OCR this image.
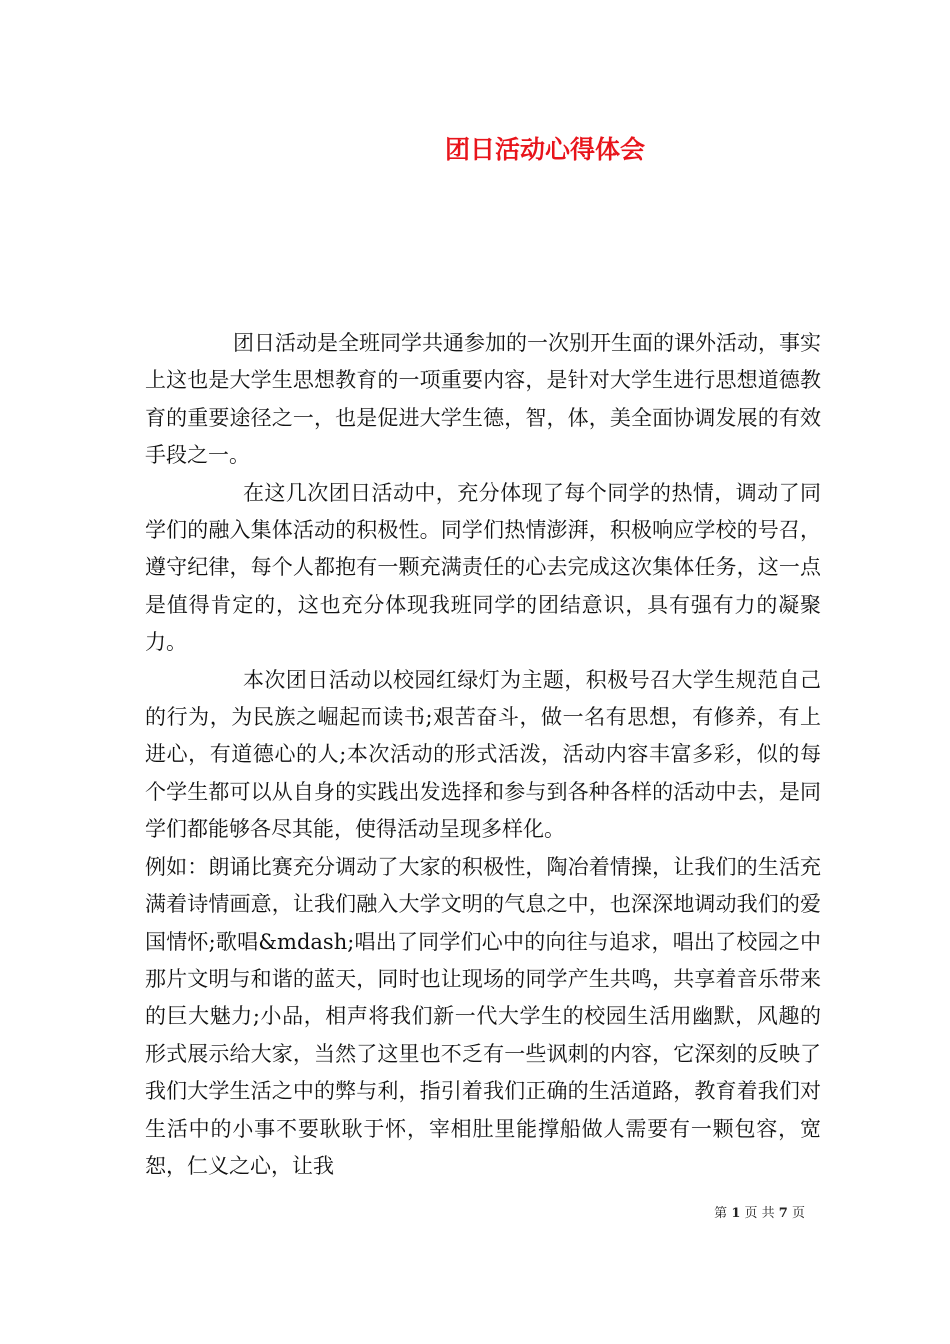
团日活动心得体会

团日活动是全班同学共通参加的一次别开生面的课外活动，事实上这也是大学生思想教育的一项重要内容，是针对大学生进行思想道德教育的重要途径之一，也是促进大学生德，智，体，美全面协调发展的有效手段之一。

在这几次团日活动中，充分体现了每个同学的热情，调动了同学们的融入集体活动的积极性。同学们热情澎湃，积极响应学校的号召，遵守纪律，每个人都抱有一颗充满责任的心去完成这次集体任务，这一点是值得肯定的，这也充分体现我班同学的团结意识，具有强有力的凝聚力。

本次团日活动以校园红绿灯为主题，积极号召大学生规范自己的行为，为民族之崛起而读书;艰苦奋斗，做一名有思想，有修养，有上进心，有道德心的人;本次活动的形式活泼，活动内容丰富多彩，似的每个学生都可以从自身的实践出发选择和参与到各种各样的活动中去，是同学们都能够各尽其能，使得活动呈现多样化。

例如：朗诵比赛充分调动了大家的积极性，陶冶着情操，让我们的生活充满着诗情画意，让我们融入大学文明的气息之中，也深深地调动我们的爱国情怀;歌唱&mdash;唱出了同学们心中的向往与追求，唱出了校园之中那片文明与和谐的蓝天，同时也让现场的同学产生共鸣，共享着音乐带来的巨大魅力;小品，相声将我们新一代大学生的校园生活用幽默，风趣的形式展示给大家，当然了这里也不乏有一些讽刺的内容，它深刻的反映了我们大学生活之中的弊与利，指引着我们正确的生活道路，教育着我们对生活中的小事不要耿耿于怀，宰相肚里能撑船做人需要有一颗包容，宽恕，仁义之心，让我

第 1 页 共 7 页
